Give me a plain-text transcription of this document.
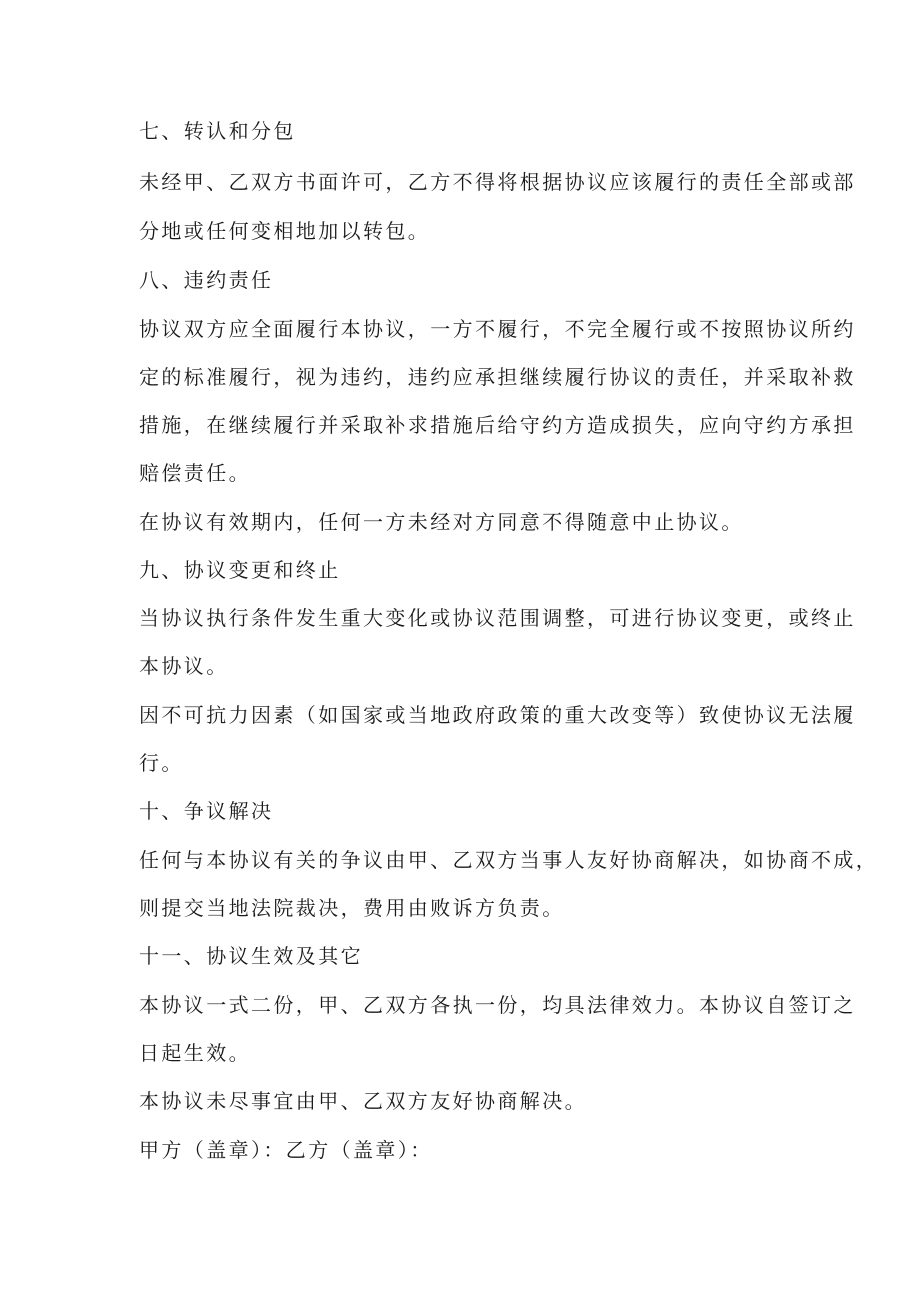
七、转认和分包

未经甲、乙双方书面许可，乙方不得将根据协议应该履行的责任全部或部

分地或任何变相地加以转包。

八、违约责任

协议双方应全面履行本协议，一方不履行，不完全履行或不按照协议所约

定的标准履行，视为违约，违约应承担继续履行协议的责任，并采取补救

措施，在继续履行并采取补求措施后给守约方造成损失，应向守约方承担

赔偿责任。

在协议有效期内，任何一方未经对方同意不得随意中止协议。

九、协议变更和终止

当协议执行条件发生重大变化或协议范围调整，可进行协议变更，或终止

本协议。

因不可抗力因素（如国家或当地政府政策的重大改变等）致使协议无法履

行。

十、争议解决

任何与本协议有关的争议由甲、乙双方当事人友好协商解决，如协商不成，

则提交当地法院裁决，费用由败诉方负责。

十一、协议生效及其它

本协议一式二份，甲、乙双方各执一份，均具法律效力。本协议自签订之

日起生效。

本协议未尽事宜由甲、乙双方友好协商解决。

甲方（盖章）：乙方（盖章）：
